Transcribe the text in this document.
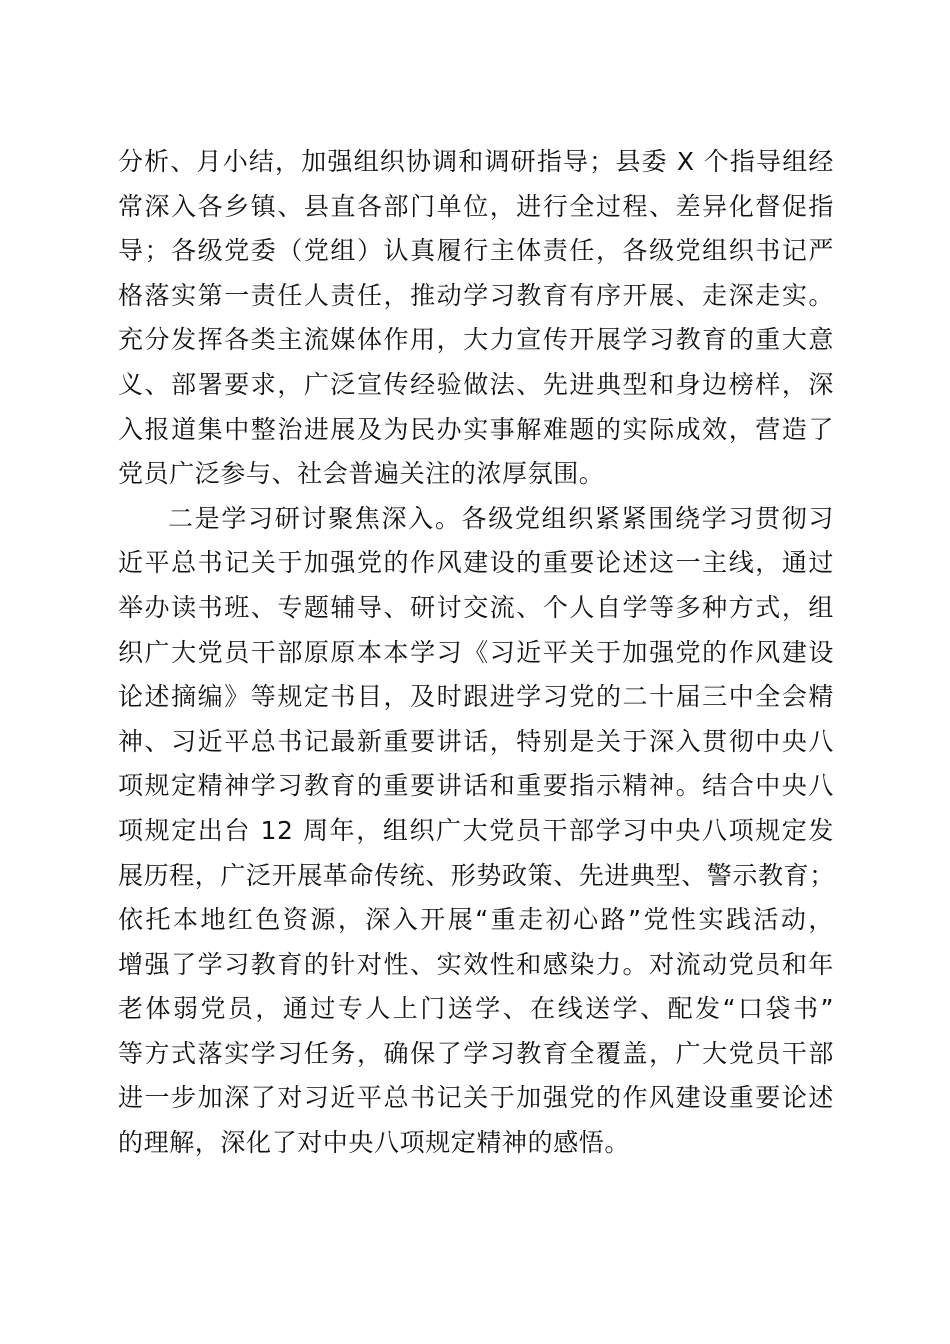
分析、月小结，加强组织协调和调研指导；县委 X 个指导组经
常深入各乡镇、县直各部门单位，进行全过程、差异化督促指
导；各级党委（党组）认真履行主体责任，各级党组织书记严
格落实第一责任人责任，推动学习教育有序开展、走深走实。
充分发挥各类主流媒体作用，大力宣传开展学习教育的重大意
义、部署要求，广泛宣传经验做法、先进典型和身边榜样，深
入报道集中整治进展及为民办实事解难题的实际成效，营造了
党员广泛参与、社会普遍关注的浓厚氛围。
二是学习研讨聚焦深入。各级党组织紧紧围绕学习贯彻习
近平总书记关于加强党的作风建设的重要论述这一主线，通过
举办读书班、专题辅导、研讨交流、个人自学等多种方式，组
织广大党员干部原原本本学习《习近平关于加强党的作风建设
论述摘编》等规定书目，及时跟进学习党的二十届三中全会精
神、习近平总书记最新重要讲话，特别是关于深入贯彻中央八
项规定精神学习教育的重要讲话和重要指示精神。结合中央八
项规定出台 12 周年，组织广大党员干部学习中央八项规定发
展历程，广泛开展革命传统、形势政策、先进典型、警示教育；
依托本地红色资源，深入开展“重走初心路”党性实践活动，
增强了学习教育的针对性、实效性和感染力。对流动党员和年
老体弱党员，通过专人上门送学、在线送学、配发“口袋书”
等方式落实学习任务，确保了学习教育全覆盖，广大党员干部
进一步加深了对习近平总书记关于加强党的作风建设重要论述
的理解，深化了对中央八项规定精神的感悟。
